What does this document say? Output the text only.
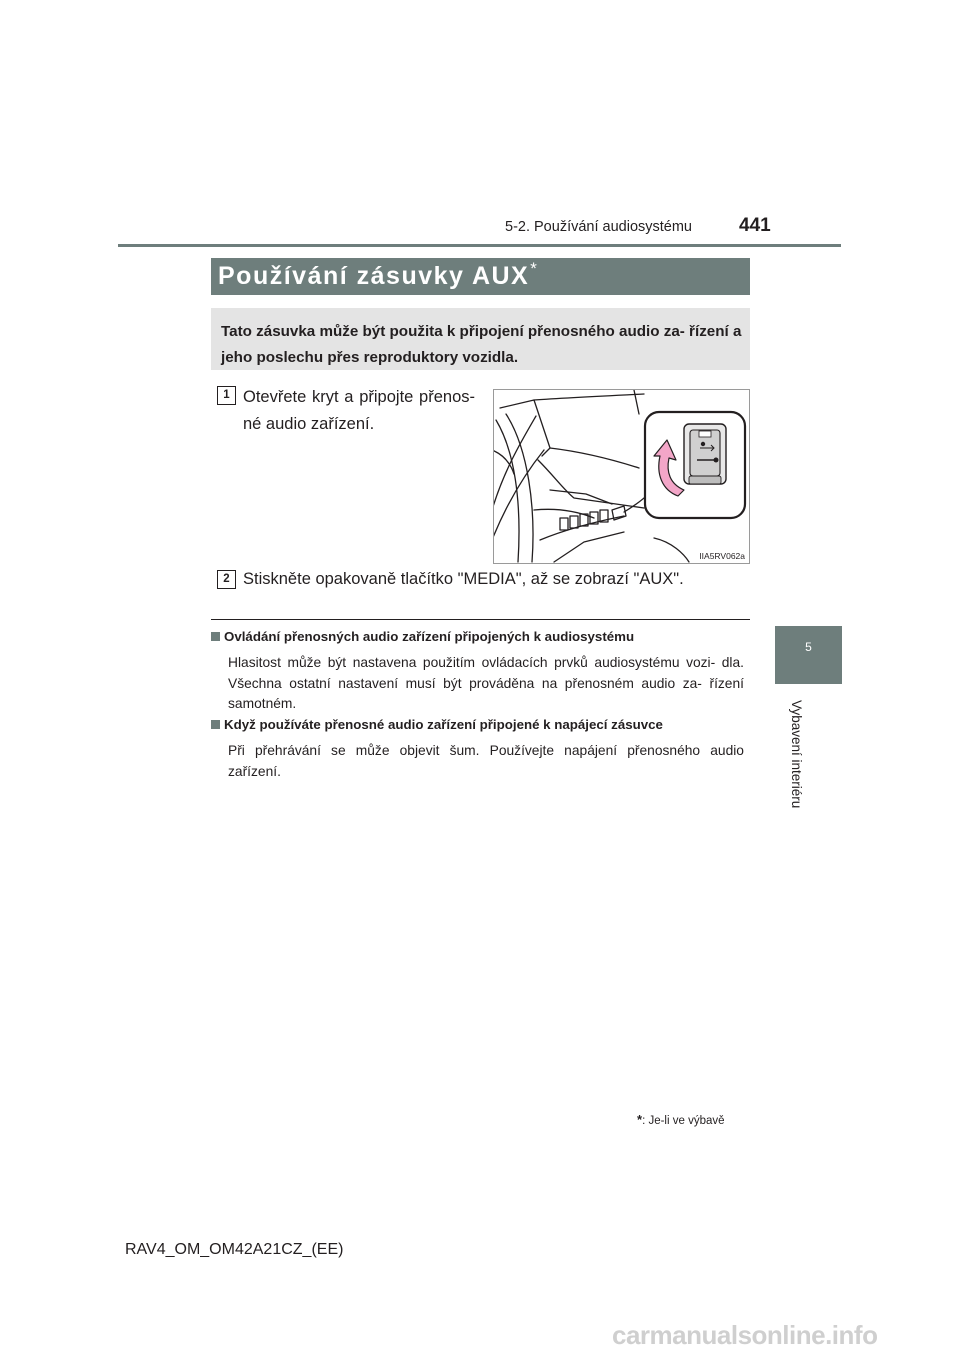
5-2. Používání audiosystému 441
5
Vybavení interiéru
Používání zásuvky AUX*
Tato zásuvka může být použita k připojení přenosného audio za- řízení a jeho poslechu přes reproduktory vozidla.
1 Otevřete kryt a připojte přenos- né audio zařízení.
IIA5RV062a
2 Stiskněte opakovaně tlačítko "MEDIA", až se zobrazí "AUX".
Ovládání přenosných audio zařízení připojených k audiosystému
Hlasitost může být nastavena použitím ovládacích prvků audiosystému vozi- dla. Všechna ostatní nastavení musí být prováděna na přenosném audio za- řízení samotném.
Když používáte přenosné audio zařízení připojené k napájecí zásuvce
Při přehrávání se může objevit šum. Používejte napájení přenosného audio zařízení.
*: Je-li ve výbavě
RAV4_OM_OM42A21CZ_(EE)
carmanualsonline.info
